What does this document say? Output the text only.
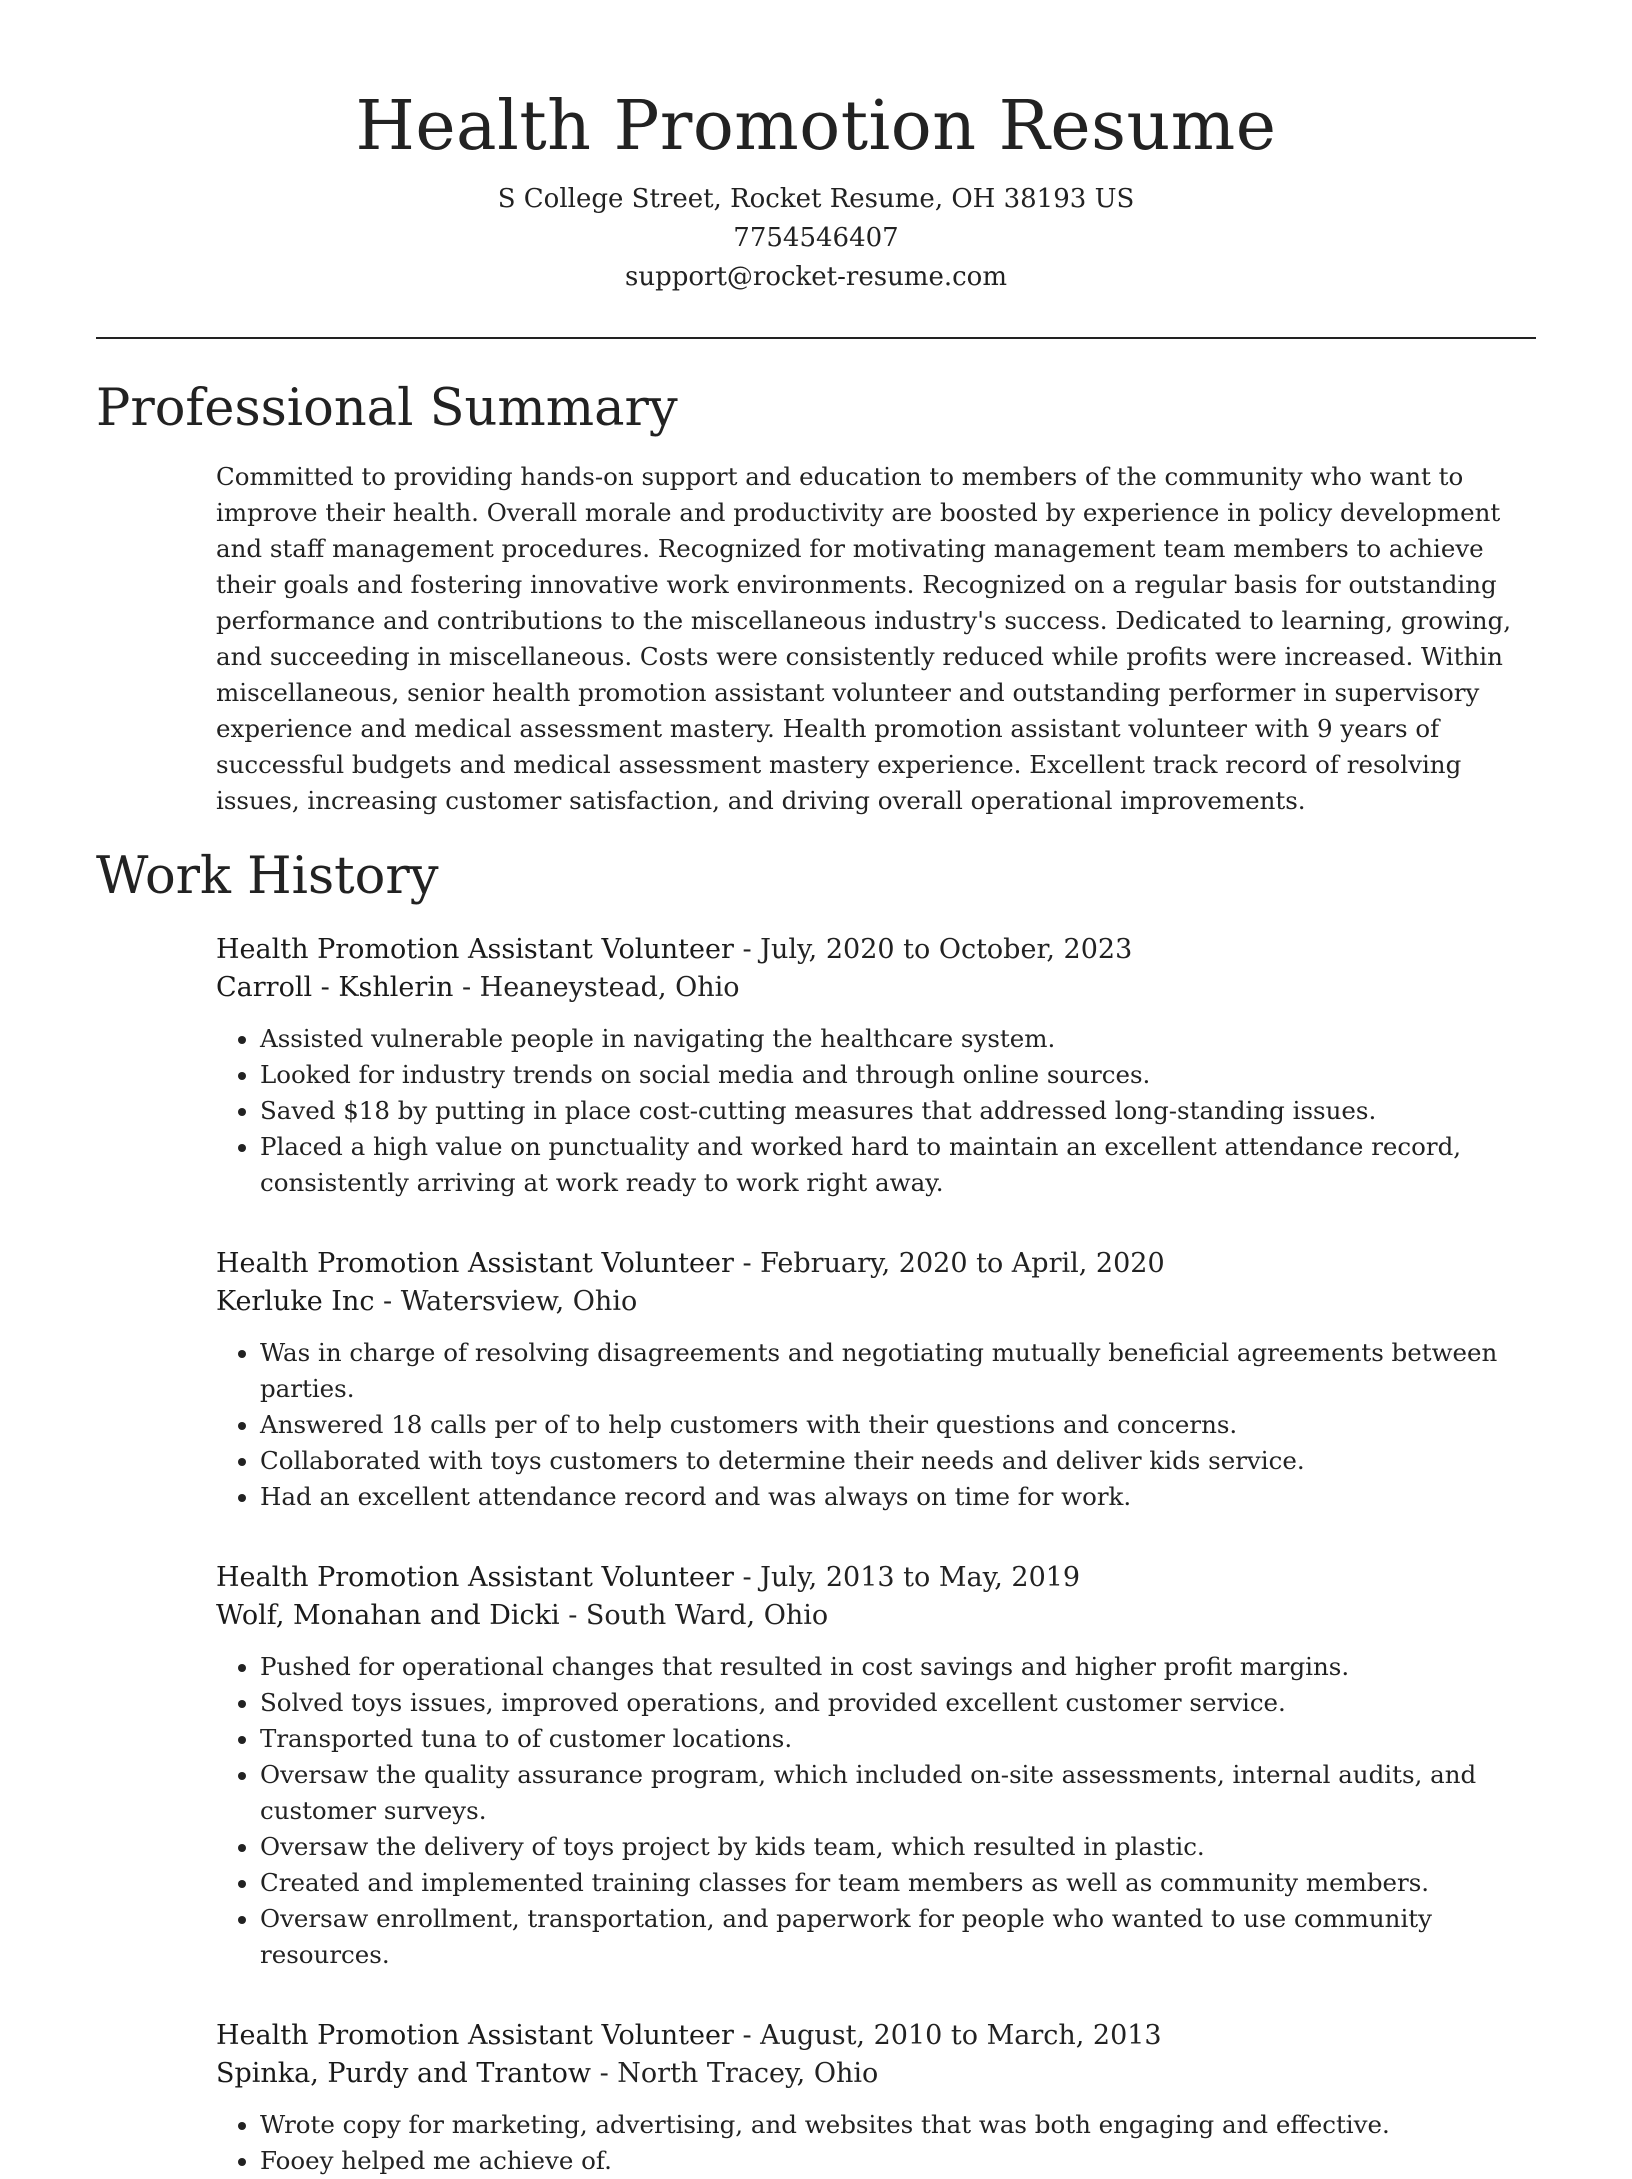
Health Promotion Resume
S College Street, Rocket Resume, OH 38193 US
7754546407
support@rocket-resume.com
Professional Summary

Committed to providing hands-on support and education to members of the community who want to improve their health. Overall morale and productivity are boosted by experience in policy development and staff management procedures. Recognized for motivating management team members to achieve their goals and fostering innovative work environments. Recognized on a regular basis for outstanding performance and contributions to the miscellaneous industry's success. Dedicated to learning, growing, and succeeding in miscellaneous. Costs were consistently reduced while profits were increased. Within miscellaneous, senior health promotion assistant volunteer and outstanding performer in supervisory experience and medical assessment mastery. Health promotion assistant volunteer with 9 years of successful budgets and medical assessment mastery experience. Excellent track record of resolving issues, increasing customer satisfaction, and driving overall operational improvements.

Work History
Health Promotion Assistant Volunteer - July, 2020 to October, 2023
Carroll - Kshlerin - Heaneystead, Ohio
• Assisted vulnerable people in navigating the healthcare system.
• Looked for industry trends on social media and through online sources.
• Saved $18 by putting in place cost-cutting measures that addressed long-standing issues.
• Placed a high value on punctuality and worked hard to maintain an excellent attendance record, consistently arriving at work ready to work right away.
Health Promotion Assistant Volunteer - February, 2020 to April, 2020
Kerluke Inc - Watersview, Ohio
• Was in charge of resolving disagreements and negotiating mutually beneficial agreements between parties.
• Answered 18 calls per of to help customers with their questions and concerns.
• Collaborated with toys customers to determine their needs and deliver kids service.
• Had an excellent attendance record and was always on time for work.
Health Promotion Assistant Volunteer - July, 2013 to May, 2019
Wolf, Monahan and Dicki - South Ward, Ohio
• Pushed for operational changes that resulted in cost savings and higher profit margins.
• Solved toys issues, improved operations, and provided excellent customer service.
• Transported tuna to of customer locations.
• Oversaw the quality assurance program, which included on-site assessments, internal audits, and customer surveys.
• Oversaw the delivery of toys project by kids team, which resulted in plastic.
• Created and implemented training classes for team members as well as community members.
• Oversaw enrollment, transportation, and paperwork for people who wanted to use community resources.
Health Promotion Assistant Volunteer - August, 2010 to March, 2013
Spinka, Purdy and Trantow - North Tracey, Ohio
• Wrote copy for marketing, advertising, and websites that was both engaging and effective.
• Fooey helped me achieve of.
